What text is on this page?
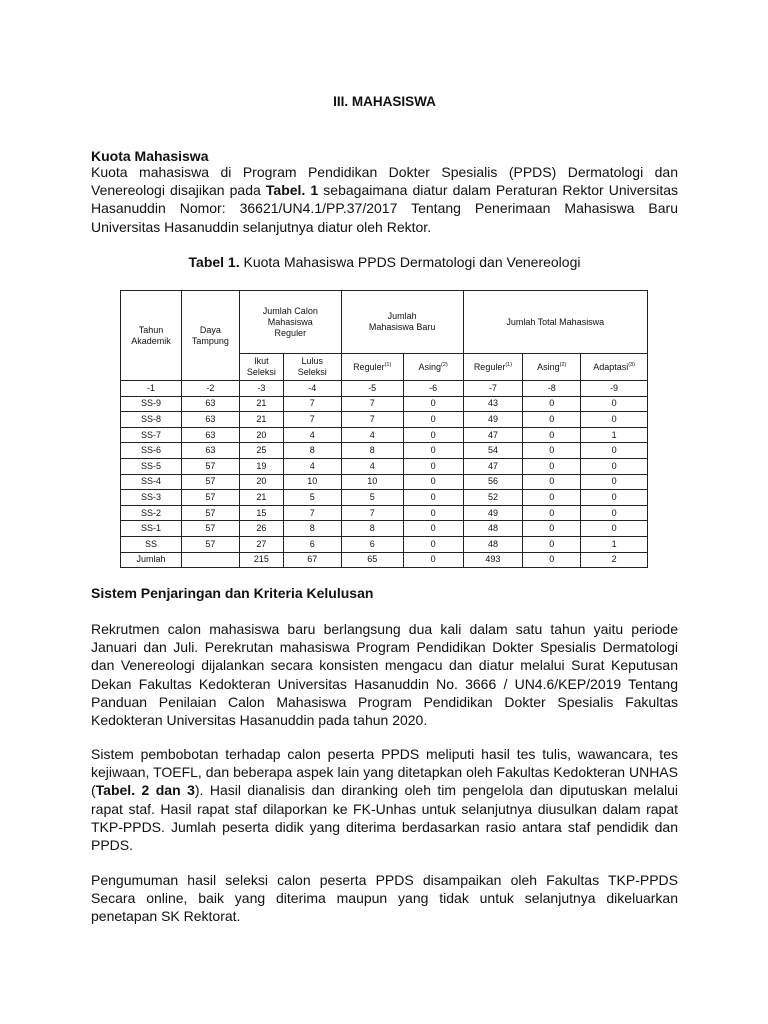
III. MAHASISWA
Kuota Mahasiswa
Kuota mahasiswa di Program Pendidikan Dokter Spesialis (PPDS) Dermatologi dan Venereologi disajikan pada Tabel. 1 sebagaimana diatur dalam Peraturan Rektor Universitas Hasanuddin Nomor: 36621/UN4.1/PP.37/2017 Tentang Penerimaan Mahasiswa Baru Universitas Hasanuddin selanjutnya diatur oleh Rektor.
Tabel 1. Kuota Mahasiswa PPDS Dermatologi dan Venereologi
Tahun Akademik	Daya Tampung	Jumlah Calon Mahasiswa Reguler		Jumlah Mahasiswa Baru		Jumlah Total Mahasiswa		
		Ikut Seleksi	Lulus Seleksi	Reguler$^{(1)}$	Asing$^{(2)}$	Reguler$^{(1)}$	Asing$^{(2)}$	Adaptasi$^{(3)}$
-1	-2	-3	-4	-5	-6	-7	-8	-9
SS-9	63	21	7	7	0	43	0	0
SS-8	63	21	7	7	0	49	0	0
SS-7	63	20	4	4	0	47	0	1
SS-6	63	25	8	8	0	54	0	0
SS-5	57	19	4	4	0	47	0	0
SS-4	57	20	10	10	0	56	0	0
SS-3	57	21	5	5	0	52	0	0
SS-2	57	15	7	7	0	49	0	0
SS-1	57	26	8	8	0	48	0	0
SS	57	27	6	6	0	48	0	1
Jumlah		215	67	65	0	493	0	2
Sistem Penjaringan dan Kriteria Kelulusan
Rekrutmen calon mahasiswa baru berlangsung dua kali dalam satu tahun yaitu periode Januari dan Juli. Perekrutan mahasiswa Program Pendidikan Dokter Spesialis Dermatologi dan Venereologi dijalankan secara konsisten mengacu dan diatur melalui Surat Keputusan Dekan Fakultas Kedokteran Universitas Hasanuddin No. 3666 / UN4.6/KEP/2019 Tentang Panduan Penilaian Calon Mahasiswa Program Pendidikan Dokter Spesialis Fakultas Kedokteran Universitas Hasanuddin pada tahun 2020.
Sistem pembobotan terhadap calon peserta PPDS meliputi hasil tes tulis, wawancara, tes kejiwaan, TOEFL, dan beberapa aspek lain yang ditetapkan oleh Fakultas Kedokteran UNHAS (Tabel. 2 dan 3). Hasil dianalisis dan diranking oleh tim pengelola dan diputuskan melalui rapat staf. Hasil rapat staf dilaporkan ke FK-Unhas untuk selanjutnya diusulkan dalam rapat TKP-PPDS. Jumlah peserta didik yang diterima berdasarkan rasio antara staf pendidik dan PPDS.
Pengumuman hasil seleksi calon peserta PPDS disampaikan oleh Fakultas TKP-PPDS Secara online, baik yang diterima maupun yang tidak untuk selanjutnya dikeluarkan penetapan SK Rektorat.
